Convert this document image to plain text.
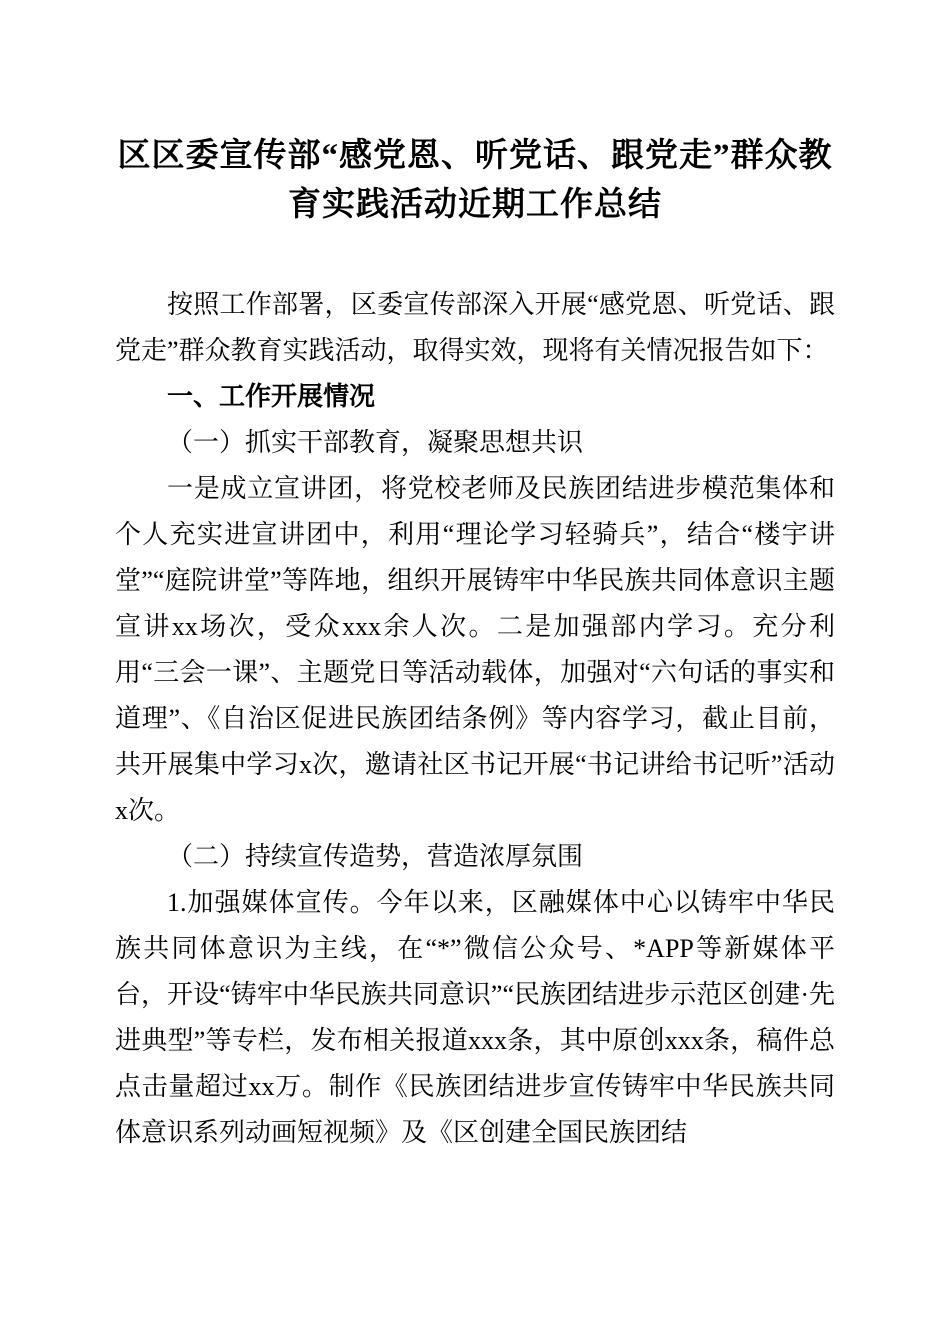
区区委宣传部“感党恩、听党话、跟党走”群众教育实践活动近期工作总结

按照工作部署，区委宣传部深入开展“感党恩、听党话、跟党走”群众教育实践活动，取得实效，现将有关情况报告如下：

一、工作开展情况
（一）抓实干部教育，凝聚思想共识

一是成立宣讲团，将党校老师及民族团结进步模范集体和个人充实进宣讲团中，利用“理论学习轻骑兵”，结合“楼宇讲堂”“庭院讲堂”等阵地，组织开展铸牢中华民族共同体意识主题宣讲xx场次，受众xxx余人次。二是加强部内学习。充分利用“三会一课”、主题党日等活动载体，加强对“六句话的事实和道理”、《自治区促进民族团结条例》等内容学习，截止目前，共开展集中学习x次，邀请社区书记开展“书记讲给书记听”活动x次。

（二）持续宣传造势，营造浓厚氛围

1.加强媒体宣传。今年以来，区融媒体中心以铸牢中华民族共同体意识为主线，在“*”微信公众号、*APP等新媒体平台，开设“铸牢中华民族共同意识”“民族团结进步示范区创建·先进典型”等专栏，发布相关报道xxx条，其中原创xxx条，稿件总点击量超过xx万。制作《民族团结进步宣传铸牢中华民族共同体意识系列动画短视频》及《区创建全国民族团结
